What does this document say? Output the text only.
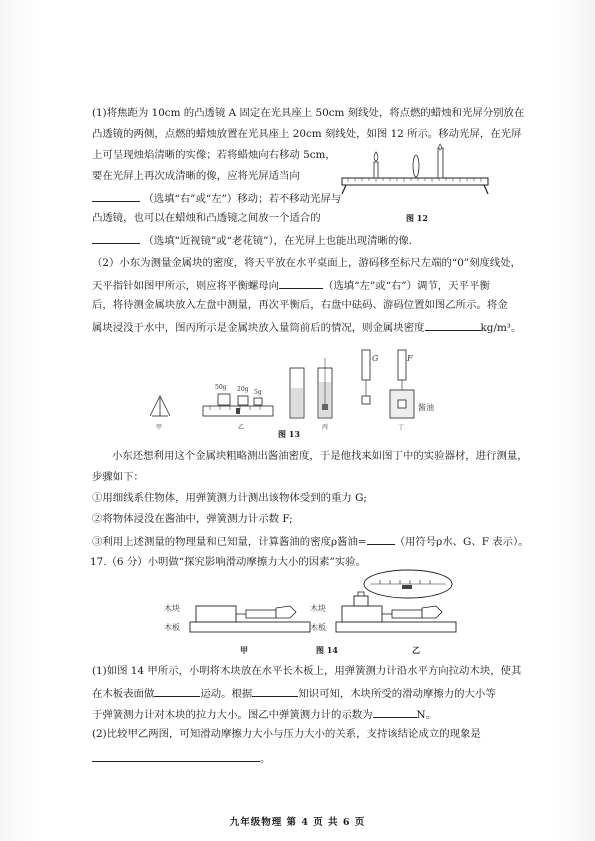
(1)将焦距为 10cm 的凸透镜 A 固定在光具座上 50cm 刻线处，将点燃的蜡烛和光屏分别放在
凸透镜的两侧，点燃的蜡烛放置在光具座上 20cm 刻线处，如图 12 所示。移动光屏，在光屏
上可呈现烛焰清晰的实像；若将蜡烛向右移动 5cm，
要在光屏上再次成清晰的像，应将光屏适当向
（选填“右”或“左”）移动；若不移动光屏与
凸透镜，也可以在蜡烛和凸透镜之间放一个适合的
（选填“近视镜”或“老花镜”），在光屏上也能出现清晰的像.
图 12
（2）小东为测量金属块的密度，将天平放在水平桌面上，游码移至标尺左端的“0”刻度线处，
天平指针如图甲所示，则应将平衡螺母向	（选填“左”或“右”）调节，天平平衡
后，将待测金属块放入左盘中测量，再次平衡后，右盘中砝码、游码位置如图乙所示。将金
属块浸没于水中，图丙所示是金属块放入量筒前后的情况，则金属块密度	kg/m³。
50g 20g 5g
G	F
酱油
甲	乙	丙	丁
图 13
小东还想利用这个金属块粗略测出酱油密度，于是他找来如图丁中的实验器材，进行测量，
步骤如下：
①用细线系住物体，用弹簧测力计测出该物体受到的重力 G;
②将物体浸没在酱油中，弹簧测力计示数 F;
③利用上述测量的物理量和已知量，计算酱油的密度ρ酱油=	（用符号ρ水、G、F 表示）。
17.（6 分）小明做“探究影响滑动摩擦力大小的因素”实验。
木块
木板
木块
木板
甲	图 14	乙
(1)如图 14 甲所示，小明将木块放在水平长木板上，用弹簧测力计沿水平方向拉动木块，使其
在木板表面做	运动。根据	知识可知，木块所受的滑动摩擦力的大小等
于弹簧测力计对木块的拉力大小。图乙中弹簧测力计的示数为	N。
(2)比较甲乙两图，可知滑动摩擦力大小与压力大小的关系，支持该结论成立的现象是
。
九年级物理 第 4 页 共 6 页
